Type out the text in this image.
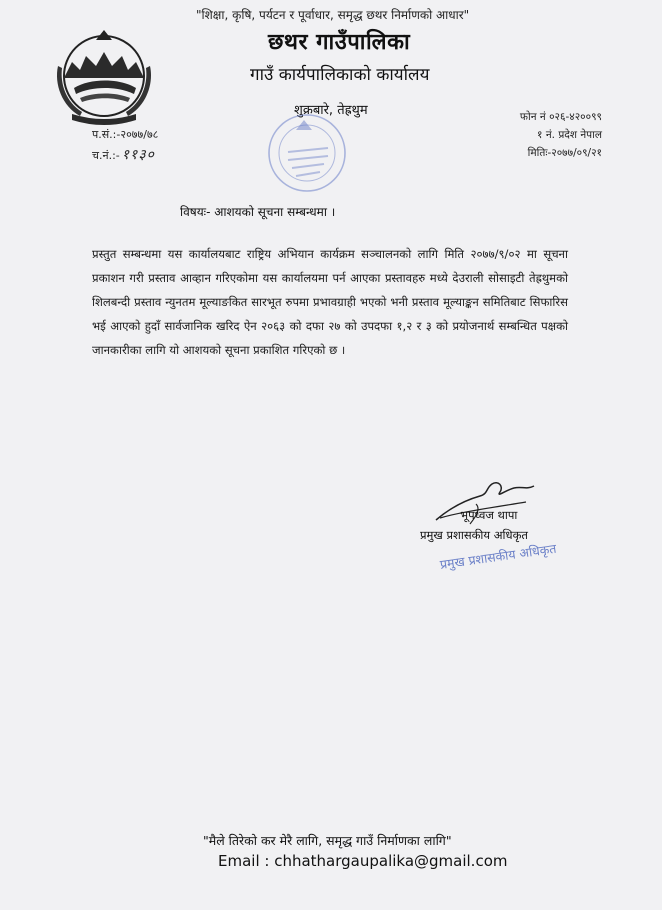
"शिक्षा, कृषि, पर्यटन र पूर्वाधार, समृद्ध छथर निर्माणको आधार"
छथर गाउँपालिका
गाउँ कार्यपालिकाको कार्यालय
शुक्रबारे, तेह्रथुम	फोन नं ०२६-४२००९९
१ नं. प्रदेश नेपाल
मितिः-२०७७/०९/२१
प.सं.:-२०७७/७८
च.नं.:- ११३०
विषयः- आशयको सूचना सम्बन्धमा ।
प्रस्तुत सम्बन्धमा यस कार्यालयबाट राष्ट्रिय अभियान कार्यक्रम सञ्चालनको लागि मिति २०७७/९/०२ मा सूचना प्रकाशन गरी प्रस्ताव आव्हान गरिएकोमा यस कार्यालयमा पर्न आएका प्रस्तावहरु मध्ये देउराली सोसाइटी तेह्रथुमको शिलबन्दी प्रस्ताव न्युनतम मूल्याङकित सारभूत रुपमा प्रभावग्राही भएको भनी प्रस्ताव मूल्याङ्कन समितिबाट सिफारिस भई आएको हुदाँ सार्वजानिक खरिद ऐन २०६३ को दफा २७ को उपदफा १,२ र ३ को प्रयोजनार्थ सम्बन्धित पक्षको जानकारीका लागि यो आशयको सूचना प्रकाशित गरिएको छ ।
भूपध्वज थापा
प्रमुख प्रशासकीय अधिकृत
प्रमुख प्रशासकीय अधिकृत
"मैले तिरेको कर मेरै लागि, समृद्ध गाउँ निर्माणका लागि"
Email : chhathargaupalika@gmail.com
